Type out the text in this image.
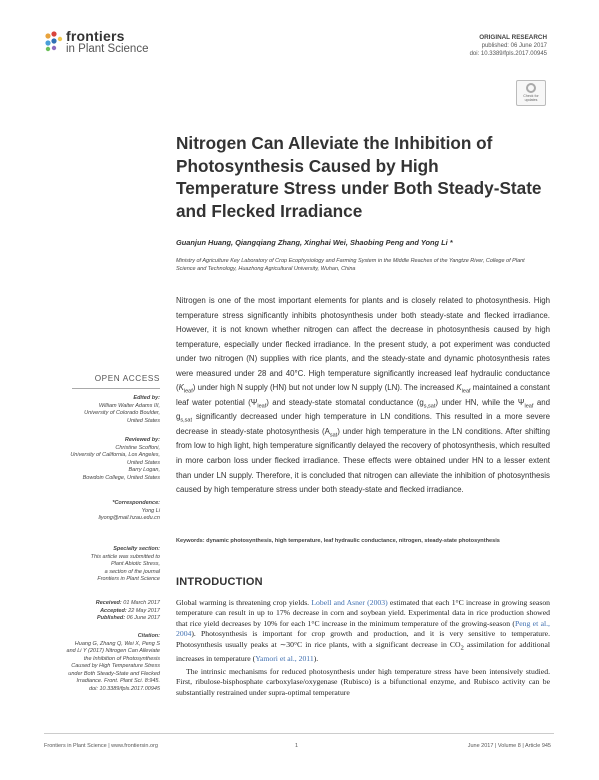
frontiers
in Plant Science
ORIGINAL RESEARCH
published: 06 June 2017
doi: 10.3389/fpls.2017.00945
Check for updates
Nitrogen Can Alleviate the Inhibition of Photosynthesis Caused by High Temperature Stress under Both Steady-State and Flecked Irradiance
Guanjun Huang, Qiangqiang Zhang, Xinghai Wei, Shaobing Peng and Yong Li *
Ministry of Agriculture Key Laboratory of Crop Ecophysiology and Farming System in the Middle Reaches of the Yangtze River, College of Plant Science and Technology, Huazhong Agricultural University, Wuhan, China
Nitrogen is one of the most important elements for plants and is closely related to photosynthesis. High temperature stress significantly inhibits photosynthesis under both steady-state and flecked irradiance. However, it is not known whether nitrogen can affect the decrease in photosynthesis caused by high temperature, especially under flecked irradiance. In the present study, a pot experiment was conducted under two nitrogen (N) supplies with rice plants, and the steady-state and dynamic photosynthesis rates were measured under 28 and 40°C. High temperature significantly increased leaf hydraulic conductance $(K_{leaf})$ under high N supply (HN) but not under low N supply (LN). The increased $K_{leaf}$ maintained a constant leaf water potential $(\Psi_{leaf})$ and steady-state stomatal conductance $(g_{s,sat})$ under HN, while the $\Psi_{leaf}$ and $g_{s,sat}$ significantly decreased under high temperature in LN conditions. This resulted in a more severe decrease in steady-state photosynthesis $(A_{sat})$ under high temperature in the LN conditions. After shifting from low to high light, high temperature significantly delayed the recovery of photosynthesis, which resulted in more carbon loss under flecked irradiance. These effects were obtained under HN to a lesser extent than under LN supply. Therefore, it is concluded that nitrogen can alleviate the inhibition of photosynthesis caused by high temperature stress under both steady-state and flecked irradiance.
Keywords: dynamic photosynthesis, high temperature, leaf hydraulic conductance, nitrogen, steady-state photosynthesis
OPEN ACCESS
Edited by:
William Walter Adams III,
University of Colorado Boulder,
United States
Reviewed by:
Christine Scoffoni,
University of California, Los Angeles,
United States
Barry Logan,
Bowdoin College, United States
*Correspondence:
Yong Li
liyong@mail.hzau.edu.cn
Specialty section:
This article was submitted to
Plant Abiotic Stress,
a section of the journal
Frontiers in Plant Science
Received: 01 March 2017
Accepted: 22 May 2017
Published: 06 June 2017
Citation:
Huang G, Zhang Q, Wei X, Peng S
and Li Y (2017) Nitrogen Can Alleviate
the Inhibition of Photosynthesis
Caused by High Temperature Stress
under Both Steady-State and Flecked
Irradiance. Front. Plant Sci. 8:945.
doi: 10.3389/fpls.2017.00945
INTRODUCTION

Global warming is threatening crop yields. Lobell and Asner (2003) estimated that each 1°C increase in growing season temperature can result in up to 17% decrease in corn and soybean yield. Experimental data in rice production showed that rice yield decreases by 10% for each 1°C increase in the minimum temperature of the growing-season (Peng et al., 2004). Photosynthesis is important for crop growth and production, and it is very sensitive to temperature. Photosynthesis usually peaks at ∼30°C in rice plants, with a significant decrease in $CO_2$ assimilation for additional increases in temperature (Yamori et al., 2011).

The intrinsic mechanisms for reduced photosynthesis under high temperature stress have been intensively studied. First, ribulose-bisphosphate carboxylase/oxygenase (Rubisco) is a bifunctional enzyme, and Rubisco activity can be substantially restrained under supra-optimal temperature

Frontiers in Plant Science | www.frontiersin.org	1	June 2017 | Volume 8 | Article 945
